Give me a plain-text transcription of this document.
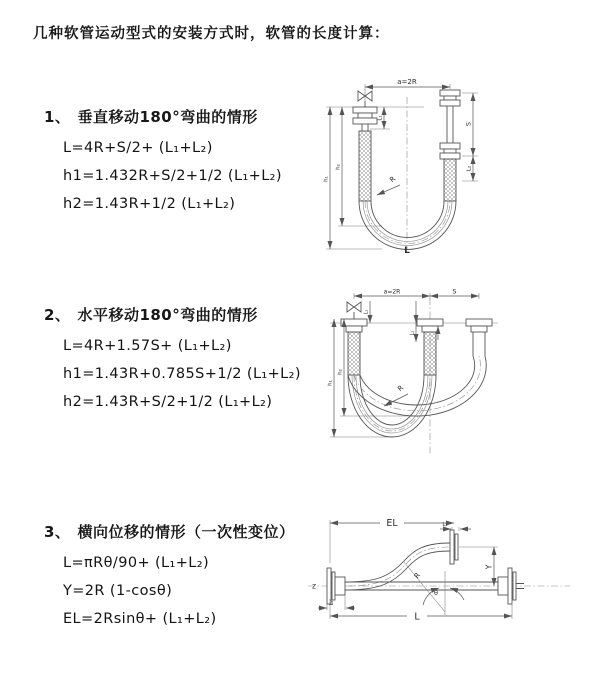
几种软管运动型式的安装方式时，软管的长度计算：
1、 垂直移动180°弯曲的情形
L=4R+S/2+ (L₁+L₂)
h1=1.432R+S/2+1/2 (L₁+L₂)
h2=1.43R+1/2 (L₁+L₂)
2、 水平移动180°弯曲的情形
L=4R+1.57S+ (L₁+L₂)
h1=1.43R+0.785S+1/2 (L₁+L₂)
h2=1.43R+S/2+1/2 (L₁+L₂)
3、 横向位移的情形（一次性变位）
L=πRθ/90+ (L₁+L₂)
Y=2R (1-cosθ)
EL=2Rsinθ+ (L₁+L₂)
a=2R
L₁
S
L₂
h₁
h₂
R
L
a=2R	S
L₁
L₂
h₁
h₂
R
EL	L₂
Y
Z
L₁
R
θ
L
